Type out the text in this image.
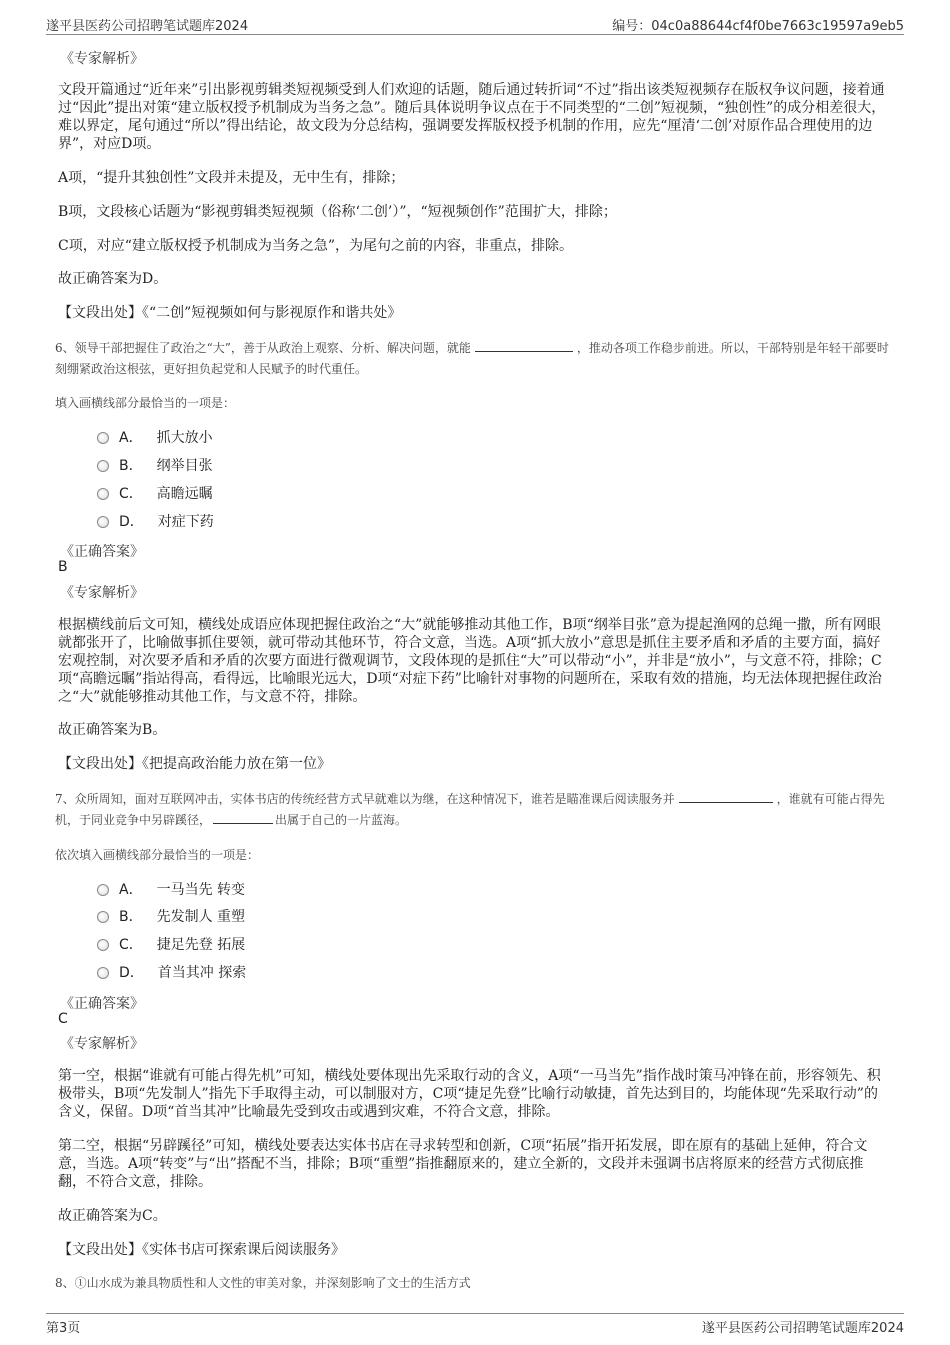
遂平县医药公司招聘笔试题库2024	编号：04c0a88644cf4f0be7663c19597a9eb5
《专家解析》
文段开篇通过“近年来”引出影视剪辑类短视频受到人们欢迎的话题，随后通过转折词“不过”指出该类短视频存在版权争议问题，接着通过“因此”提出对策“建立版权授予机制成为当务之急”。随后具体说明争议点在于不同类型的“二创”短视频，“独创性”的成分相差很大，难以界定，尾句通过“所以”得出结论，故文段为分总结构，强调要发挥版权授予机制的作用，应先“厘清‘二创’对原作品合理使用的边界”，对应D项。
A项，“提升其独创性”文段并未提及，无中生有，排除；
B项，文段核心话题为“影视剪辑类短视频（俗称‘二创’）”，“短视频创作”范围扩大，排除；
C项，对应“建立版权授予机制成为当务之急”，为尾句之前的内容，非重点，排除。
故正确答案为D。
【文段出处】《“二创”短视频如何与影视原作和谐共处》
6、领导干部把握住了政治之“大”，善于从政治上观察、分析、解决问题，就能	，推动各项工作稳步前进。所以，干部特别是年轻干部要时刻绷紧政治这根弦，更好担负起党和人民赋予的时代重任。
填入画横线部分最恰当的一项是：
A． 抓大放小
B． 纲举目张
C． 高瞻远瞩
D． 对症下药
《正确答案》
B
《专家解析》
根据横线前后文可知，横线处成语应体现把握住政治之“大”就能够推动其他工作，B项“纲举目张”意为提起渔网的总绳一撒，所有网眼就都张开了，比喻做事抓住要领，就可带动其他环节，符合文意，当选。A项“抓大放小”意思是抓住主要矛盾和矛盾的主要方面，搞好宏观控制，对次要矛盾和矛盾的次要方面进行微观调节，文段体现的是抓住“大”可以带动“小”，并非是“放小”，与文意不符，排除；C项“高瞻远瞩”指站得高，看得远，比喻眼光远大，D项“对症下药”比喻针对事物的问题所在，采取有效的措施，均无法体现把握住政治之“大”就能够推动其他工作，与文意不符，排除。
故正确答案为B。
【文段出处】《把提高政治能力放在第一位》
7、众所周知，面对互联网冲击，实体书店的传统经营方式早就难以为继，在这种情况下，谁若是瞄准课后阅读服务并	，谁就有可能占得先机，于同业竞争中另辟蹊径，	出属于自己的一片蓝海。
依次填入画横线部分最恰当的一项是：
A． 一马当先 转变
B． 先发制人 重塑
C． 捷足先登 拓展
D． 首当其冲 探索
《正确答案》
C
《专家解析》
第一空，根据“谁就有可能占得先机”可知，横线处要体现出先采取行动的含义，A项“一马当先”指作战时策马冲锋在前，形容领先、积极带头，B项“先发制人”指先下手取得主动，可以制服对方，C项“捷足先登”比喻行动敏捷，首先达到目的，均能体现“先采取行动”的含义，保留。D项“首当其冲”比喻最先受到攻击或遇到灾难，不符合文意，排除。
第二空，根据“另辟蹊径”可知，横线处要表达实体书店在寻求转型和创新，C项“拓展”指开拓发展，即在原有的基础上延伸，符合文意，当选。A项“转变”与“出”搭配不当，排除；B项“重塑”指推翻原来的，建立全新的，文段并未强调书店将原来的经营方式彻底推翻，不符合文意，排除。
故正确答案为C。
【文段出处】《实体书店可探索课后阅读服务》
8、①山水成为兼具物质性和人文性的审美对象，并深刻影响了文士的生活方式
第3页	遂平县医药公司招聘笔试题库2024
